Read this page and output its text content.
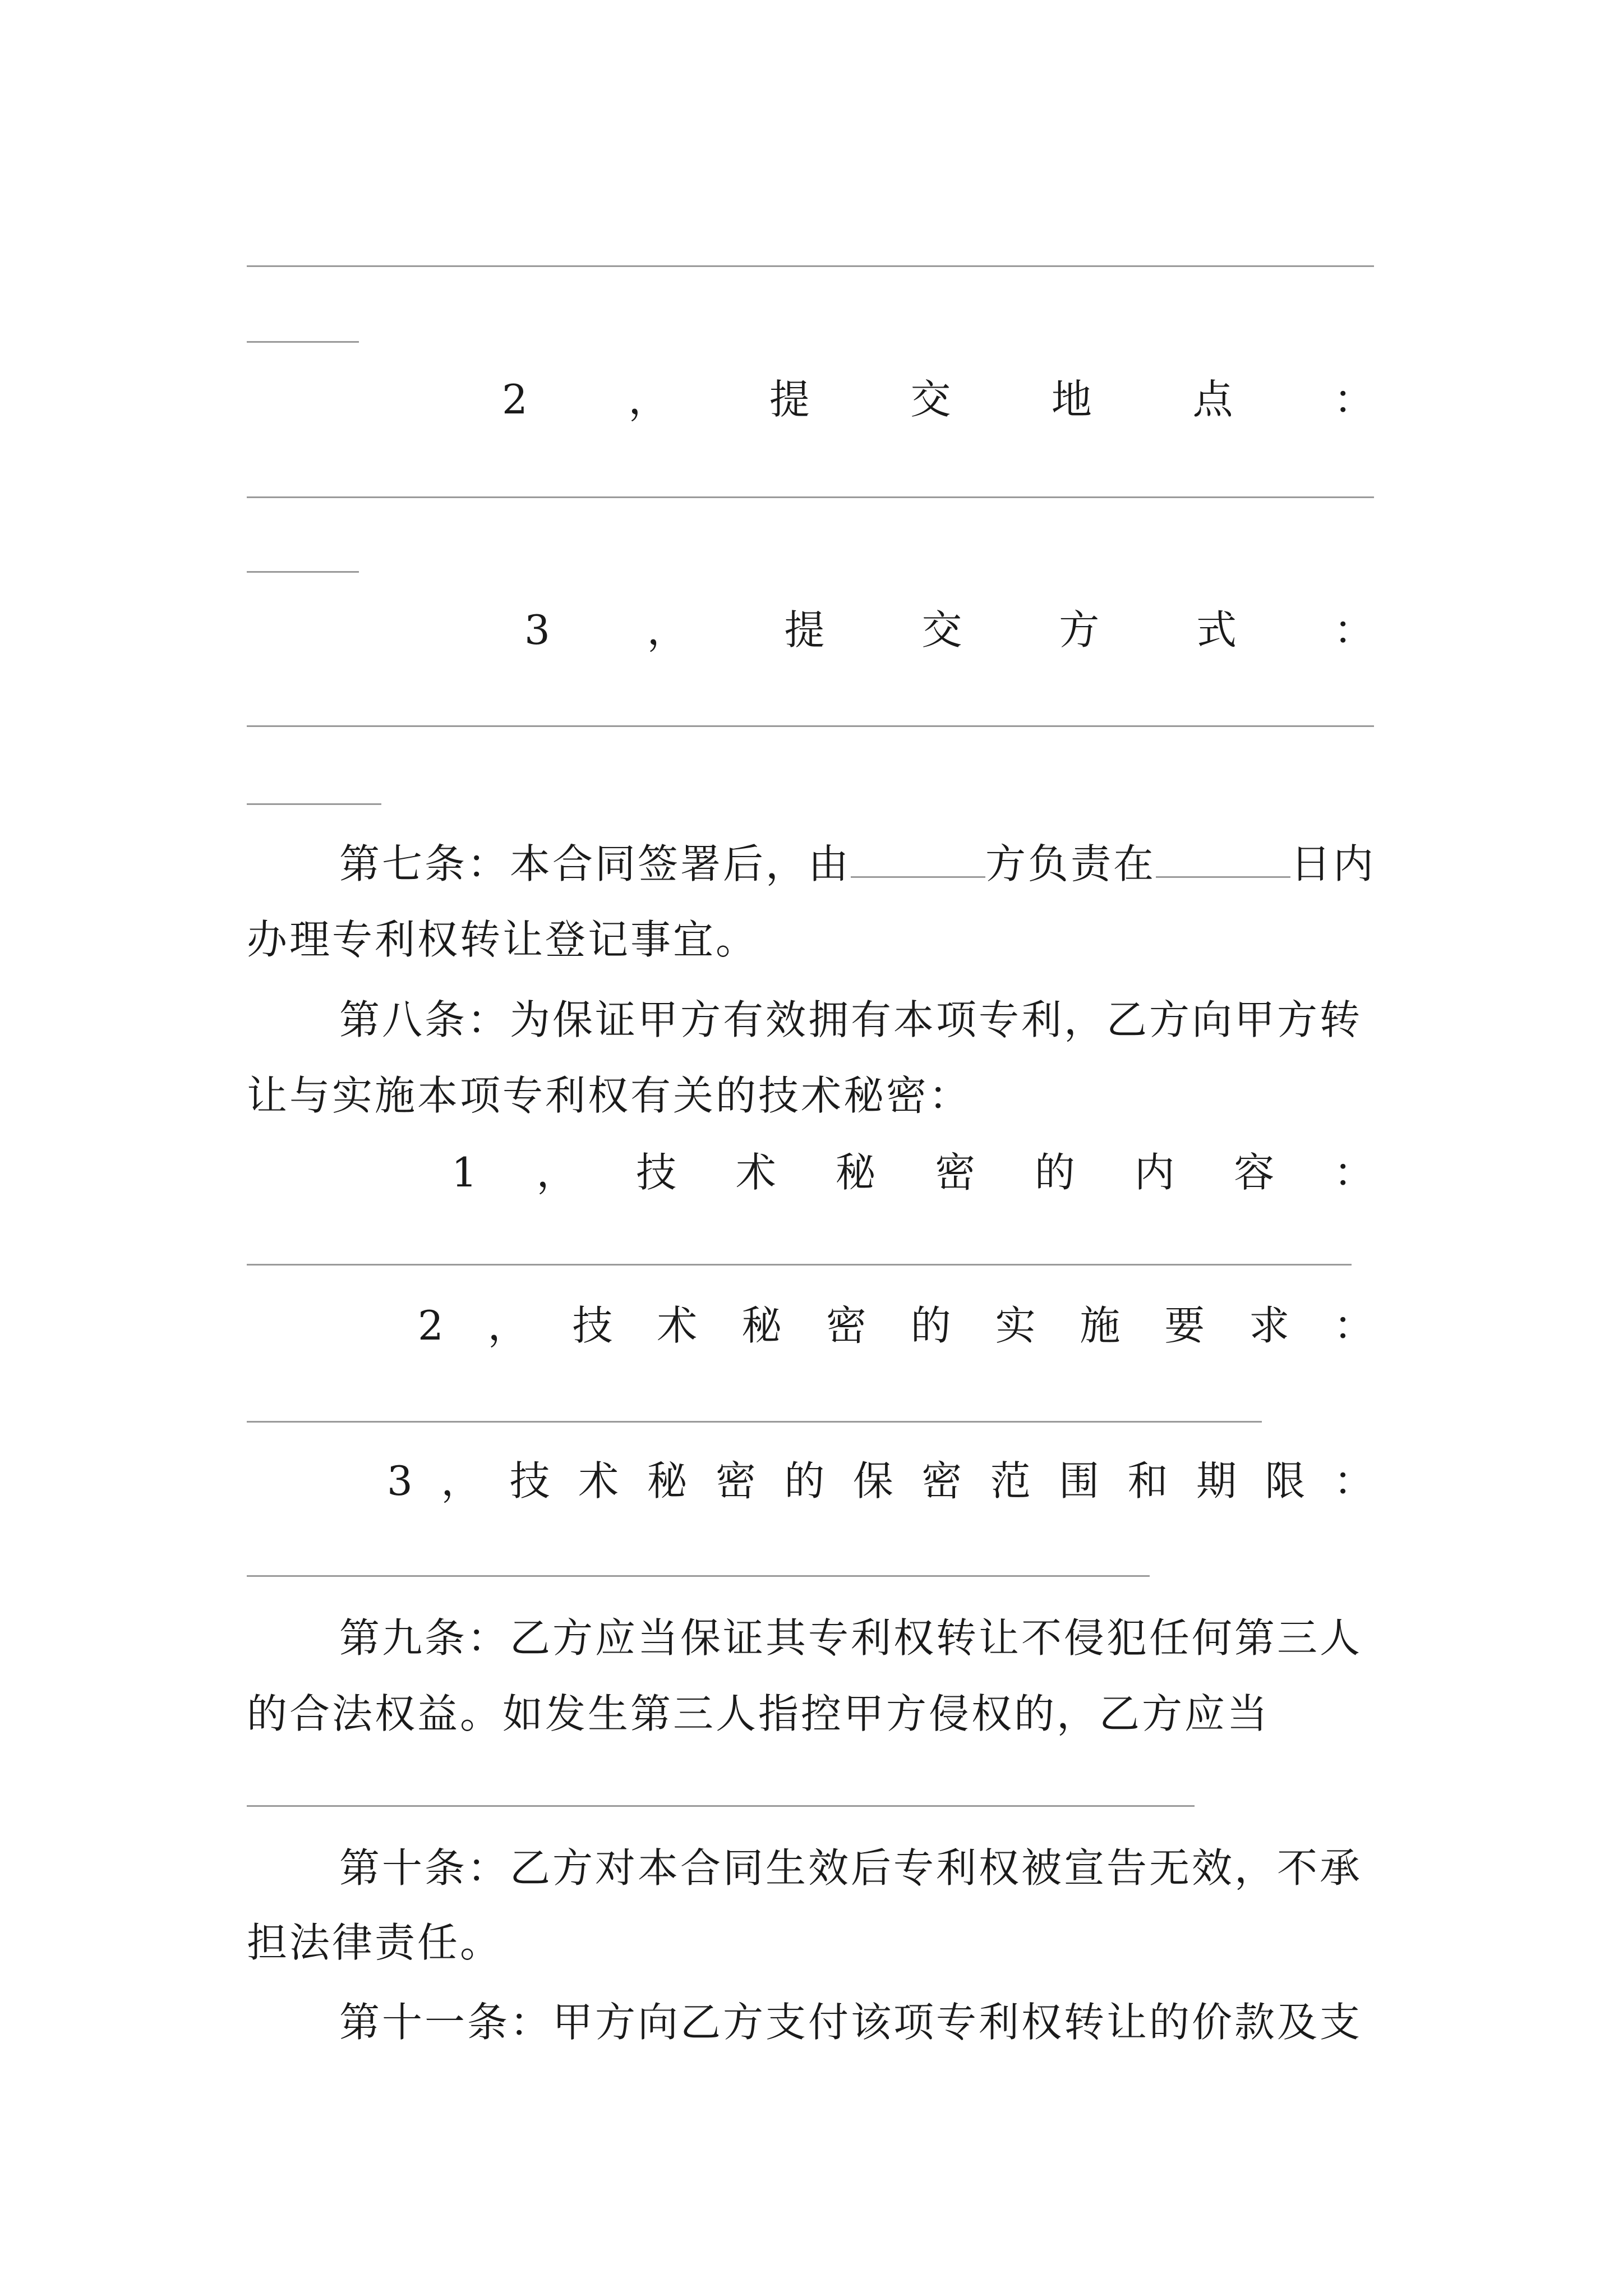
2 ， 提 交 地 点 ：
3 ， 提 交 方 式 ：
第七条：本合同签署后，由	方负责在	日内
办理专利权转让登记事宜。
第八条：为保证甲方有效拥有本项专利，乙方向甲方转
让与实施本项专利权有关的技术秘密：
1 ， 技 术 秘 密 的 内 容 ：
2 ， 技 术 秘 密 的 实 施 要 求 ：
3 ， 技 术 秘 密 的 保 密 范 围 和 期 限 ：
第九条：乙方应当保证其专利权转让不侵犯任何第三人
的合法权益。如发生第三人指控甲方侵权的，乙方应当
第十条：乙方对本合同生效后专利权被宣告无效，不承
担法律责任。
第十一条：甲方向乙方支付该项专利权转让的价款及支
